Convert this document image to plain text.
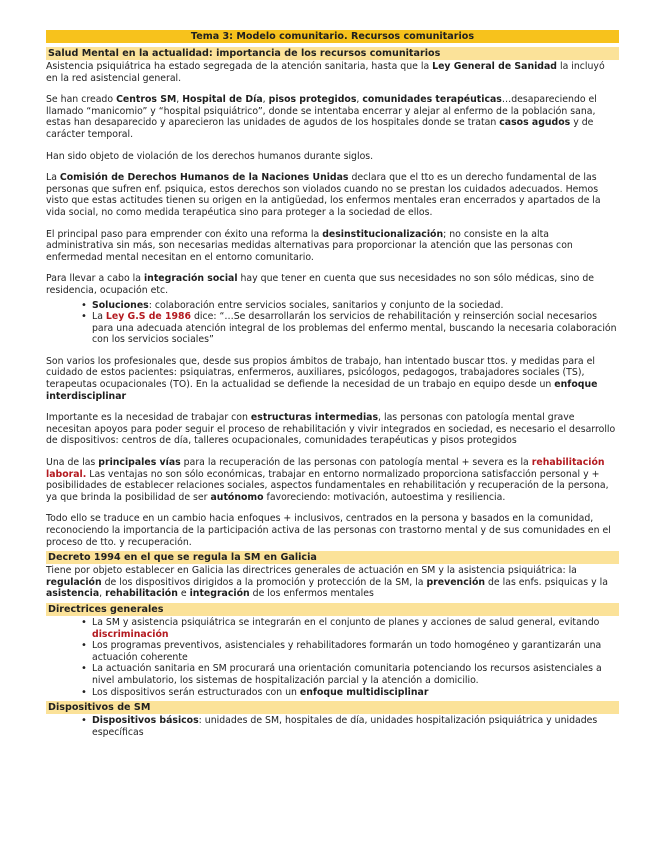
Tema 3: Modelo comunitario. Recursos comunitarios
Salud Mental en la actualidad: importancia de los recursos comunitarios

Asistencia psiquiátrica ha estado segregada de la atención sanitaria, hasta que la Ley General de Sanidad la incluyó en la red asistencial general.

Se han creado Centros SM, Hospital de Día, pisos protegidos, comunidades terapéuticas…desapareciendo el llamado “manicomio” y “hospital psiquiátrico”, donde se intentaba encerrar y alejar al enfermo de la población sana, estas han desaparecido y aparecieron las unidades de agudos de los hospitales donde se tratan casos agudos y de carácter temporal.

Han sido objeto de violación de los derechos humanos durante siglos.

La Comisión de Derechos Humanos de la Naciones Unidas declara que el tto es un derecho fundamental de las personas que sufren enf. psiquica, estos derechos son violados cuando no se prestan los cuidados adecuados. Hemos visto que estas actitudes tienen su origen en la antigüedad, los enfermos mentales eran encerrados y apartados de la vida social, no como medida terapéutica sino para proteger a la sociedad de ellos.

El principal paso para emprender con éxito una reforma la desinstitucionalización; no consiste en la alta administrativa sin más, son necesarias medidas alternativas para proporcionar la atención que las personas con enfermedad mental necesitan en el entorno comunitario.

Para llevar a cabo la integración social hay que tener en cuenta que sus necesidades no son sólo médicas, sino de residencia, ocupación etc.

• Soluciones: colaboración entre servicios sociales, sanitarios y conjunto de la sociedad.
• La Ley G.S de 1986 dice: “…Se desarrollarán los servicios de rehabilitación y reinserción social necesarios para una adecuada atención integral de los problemas del enfermo mental, buscando la necesaria colaboración con los servicios sociales”

Son varios los profesionales que, desde sus propios ámbitos de trabajo, han intentado buscar ttos. y medidas para el cuidado de estos pacientes: psiquiatras, enfermeros, auxiliares, psicólogos, pedagogos, trabajadores sociales (TS), terapeutas ocupacionales (TO). En la actualidad se defiende la necesidad de un trabajo en equipo desde un enfoque interdisciplinar

Importante es la necesidad de trabajar con estructuras intermedias, las personas con patología mental grave necesitan apoyos para poder seguir el proceso de rehabilitación y vivir integrados en sociedad, es necesario el desarrollo de dispositivos: centros de día, talleres ocupacionales, comunidades terapéuticas y pisos protegidos

Una de las principales vías para la recuperación de las personas con patología mental + severa es la rehabilitación laboral. Las ventajas no son sólo económicas, trabajar en entorno normalizado proporciona satisfacción personal y + posibilidades de establecer relaciones sociales, aspectos fundamentales en rehabilitación y recuperación de la persona, ya que brinda la posibilidad de ser autónomo favoreciendo: motivación, autoestima y resiliencia.

Todo ello se traduce en un cambio hacia enfoques + inclusivos, centrados en la persona y basados en la comunidad, reconociendo la importancia de la participación activa de las personas con trastorno mental y de sus comunidades en el proceso de tto. y recuperación.

Decreto 1994 en el que se regula la SM en Galicia

Tiene por objeto establecer en Galicia las directrices generales de actuación en SM y la asistencia psiquiátrica: la regulación de los dispositivos dirigidos a la promoción y protección de la SM, la prevención de las enfs. psiquicas y la asistencia, rehabilitación e integración de los enfermos mentales

Directrices generales
• La SM y asistencia psiquiátrica se integrarán en el conjunto de planes y acciones de salud general, evitando discriminación
• Los programas preventivos, asistenciales y rehabilitadores formarán un todo homogéneo y garantizarán una actuación coherente
• La actuación sanitaria en SM procurará una orientación comunitaria potenciando los recursos asistenciales a nivel ambulatorio, los sistemas de hospitalización parcial y la atención a domicilio.
• Los dispositivos serán estructurados con un enfoque multidisciplinar
Dispositivos de SM
• Dispositivos básicos: unidades de SM, hospitales de día, unidades hospitalización psiquiátrica y unidades específicas
